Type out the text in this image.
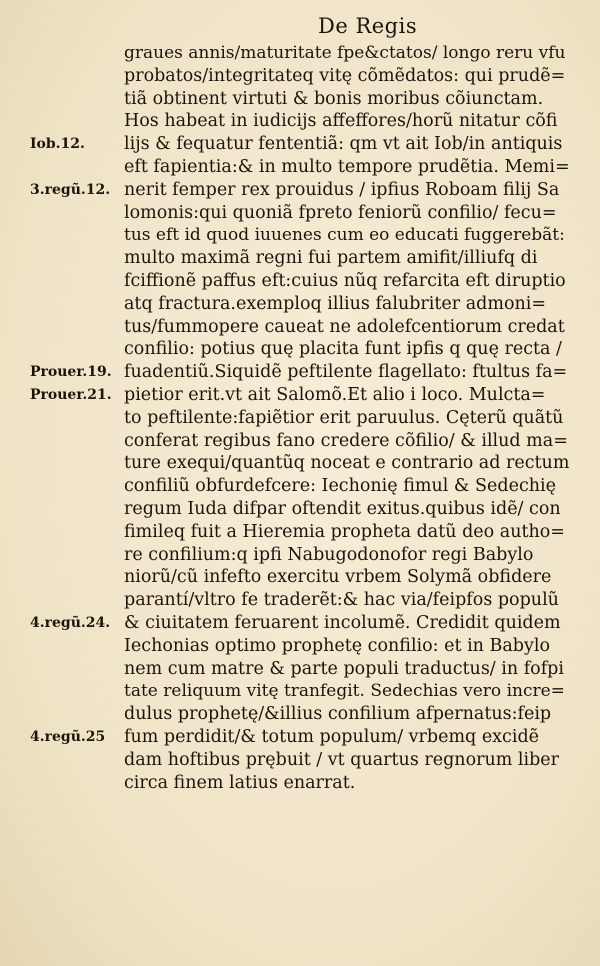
De Regis
graues annis/maturitate fpe&ctatos/ longo reru vfu
probatos/integritateq vitę cõmẽdatos: qui prudẽ=
tiã obtinent virtuti & bonis moribus cõiunctam.
Hos habeat in iudicijs affeffores/horũ nitatur cõfi
lijs & fequatur fententiã: qm vt ait Iob/in antiquis
eft fapientia:& in multo tempore prudẽtia. Memi=
nerit femper rex prouidus / ipfius Roboam filij Sa
lomonis:qui quoniã fpreto feniorũ confilio/ fecu=
tus eft id quod iuuenes cum eo educati fuggerebãt:
multo maximã regni fui partem amifit/illiufq di
fciffionẽ paffus eft:cuius nũq refarcita eft diruptio
atq fractura.exemploq illius falubriter admoni=
tus/fummopere caueat ne adolefcentiorum credat
confilio: potius quę placita funt ipfis q quę recta /
fuadentiũ.Siquidẽ peftilente flagellato: ftultus fa=
pietior erit.vt ait Salomõ.Et alio i loco. Mulcta=
to peftilente:fapiẽtior erit paruulus. Cęterũ quãtũ
conferat regibus fano credere cõfilio/ & illud ma=
ture exequi/quantũq noceat e contrario ad rectum
confiliũ obfurdefcere: Iechonię fimul & Sedechię
regum Iuda difpar oftendit exitus.quibus idẽ/ con
fimileq fuit a Hieremia propheta datũ deo autho=
re confilium:q ipfi Nabugodonofor regi Babylo
niorũ/cũ infefto exercitu vrbem Solymã obfidere
parantí/vltro fe traderẽt:& hac via/feipfos populũ
& ciuitatem feruarent incolumẽ. Credidit quidem
Iechonias optimo prophetę confilio: et in Babylo
nem cum matre & parte populi traductus/ in fofpi
tate reliquum vitę tranfegit. Sedechias vero incre=
dulus prophetę/&illius confilium afpernatus:feip
fum perdidit/& totum populum/ vrbemq excidẽ
dam hoftibus prębuit / vt quartus regnorum liber
circa finem latius enarrat.
Iob.12.
3.regũ.12.
Prouer.19.
Prouer.21.
4.regũ.24.
4.regũ.25
